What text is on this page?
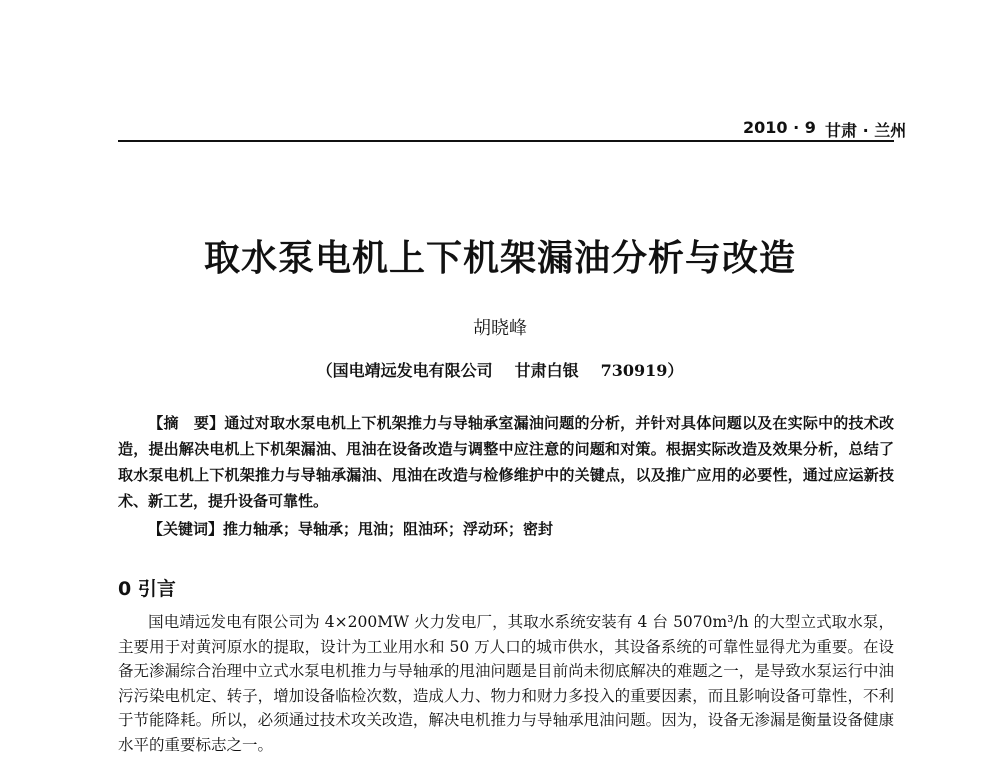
2010 · 9 甘肃 · 兰州
取水泵电机上下机架漏油分析与改造
胡晓峰
（国电靖远发电有限公司 甘肃白银 730919）
【摘　要】通过对取水泵电机上下机架推力与导轴承室漏油问题的分析，并针对具体问题以及在实际中的技术改造，提出解决电机上下机架漏油、甩油在设备改造与调整中应注意的问题和对策。根据实际改造及效果分析，总结了取水泵电机上下机架推力与导轴承漏油、甩油在改造与检修维护中的关键点，以及推广应用的必要性，通过应运新技术、新工艺，提升设备可靠性。
【关键词】推力轴承；导轴承；甩油；阻油环；浮动环；密封
0 引言
国电靖远发电有限公司为 4×200MW 火力发电厂，其取水系统安装有 4 台 5070m³/h 的大型立式取水泵，主要用于对黄河原水的提取，设计为工业用水和 50 万人口的城市供水，其设备系统的可靠性显得尤为重要。在设备无渗漏综合治理中立式水泵电机推力与导轴承的甩油问题是目前尚未彻底解决的难题之一，是导致水泵运行中油污污染电机定、转子，增加设备临检次数，造成人力、物力和财力多投入的重要因素，而且影响设备可靠性，不利于节能降耗。所以，必须通过技术攻关改造，解决电机推力与导轴承甩油问题。因为，设备无渗漏是衡量设备健康水平的重要标志之一。
